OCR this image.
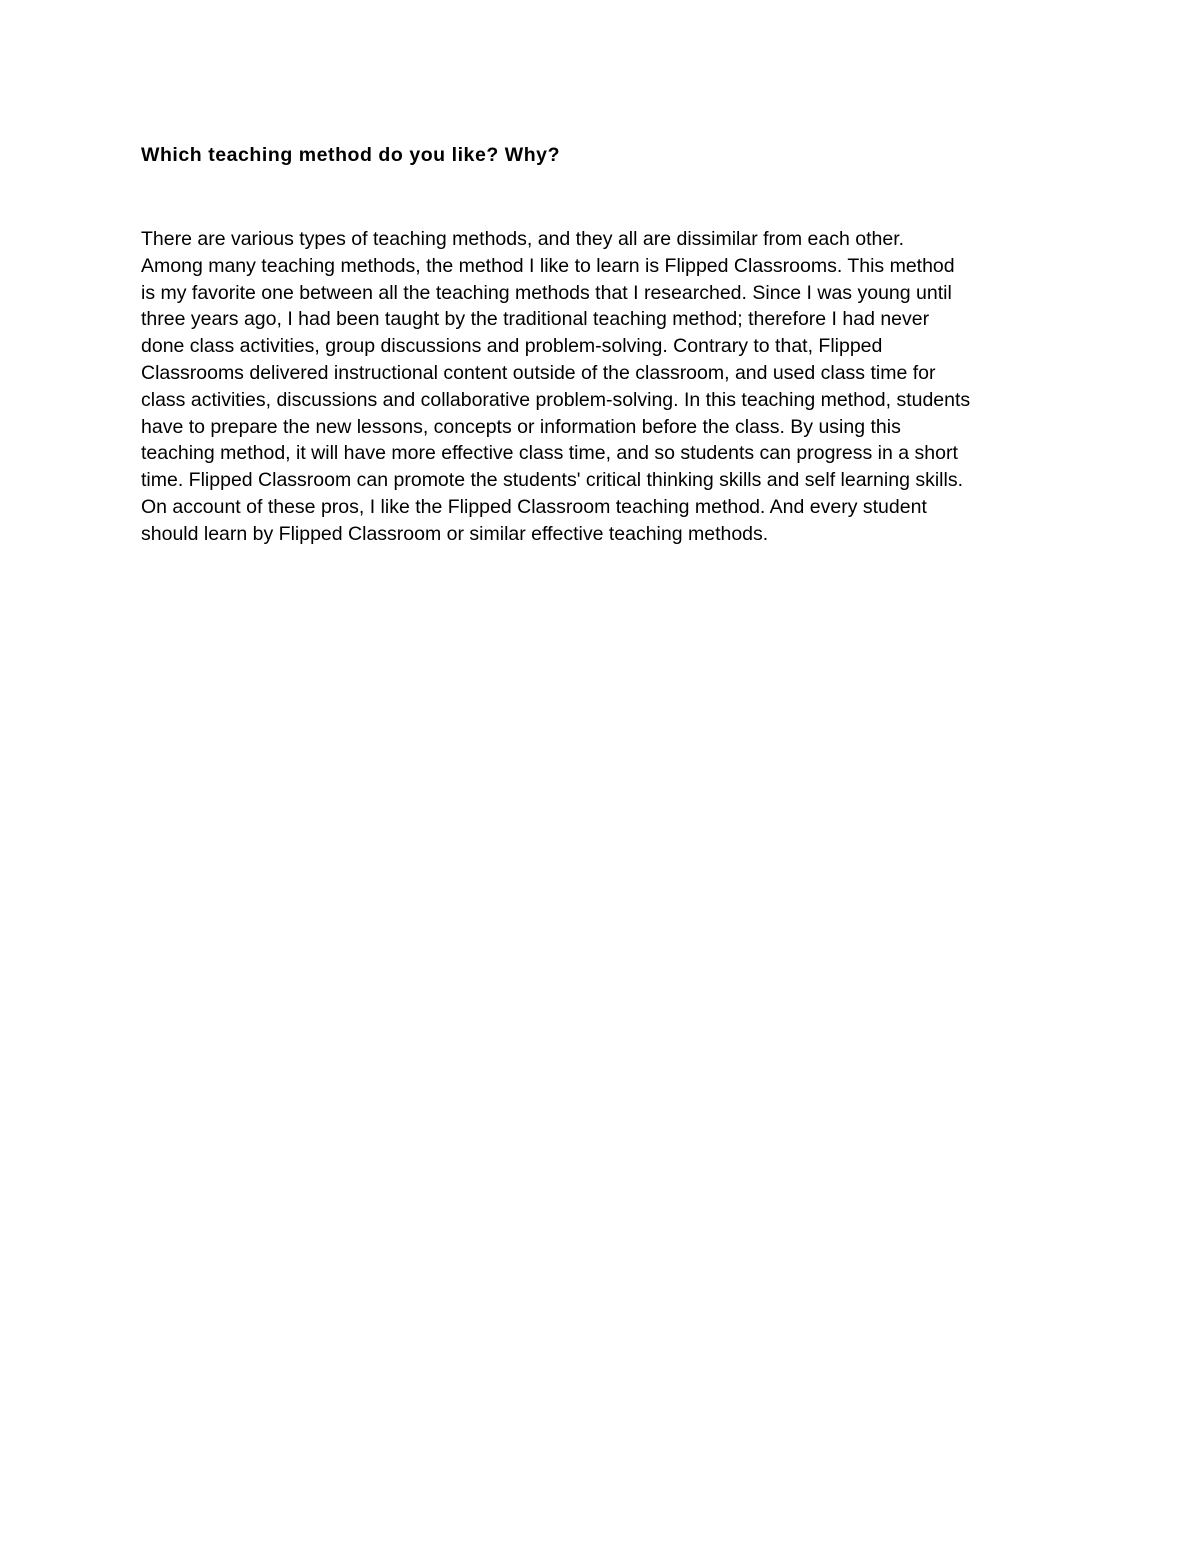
Which teaching method do you like? Why?
There are various types of teaching methods, and they all are dissimilar from each other.
Among many teaching methods, the method I like to learn is Flipped Classrooms. This method
is my favorite one between all the teaching methods that I researched. Since I was young until
three years ago, I had been taught by the traditional teaching method; therefore I had never
done class activities, group discussions and problem-solving. Contrary to that, Flipped
Classrooms delivered instructional content outside of the classroom, and used class time for
class activities, discussions and collaborative problem-solving. In this teaching method, students
have to prepare the new lessons, concepts or information before the class. By using this
teaching method, it will have more effective class time, and so students can progress in a short
time. Flipped Classroom can promote the students' critical thinking skills and self learning skills.
On account of these pros, I like the Flipped Classroom teaching method. And every student
should learn by Flipped Classroom or similar effective teaching methods.
